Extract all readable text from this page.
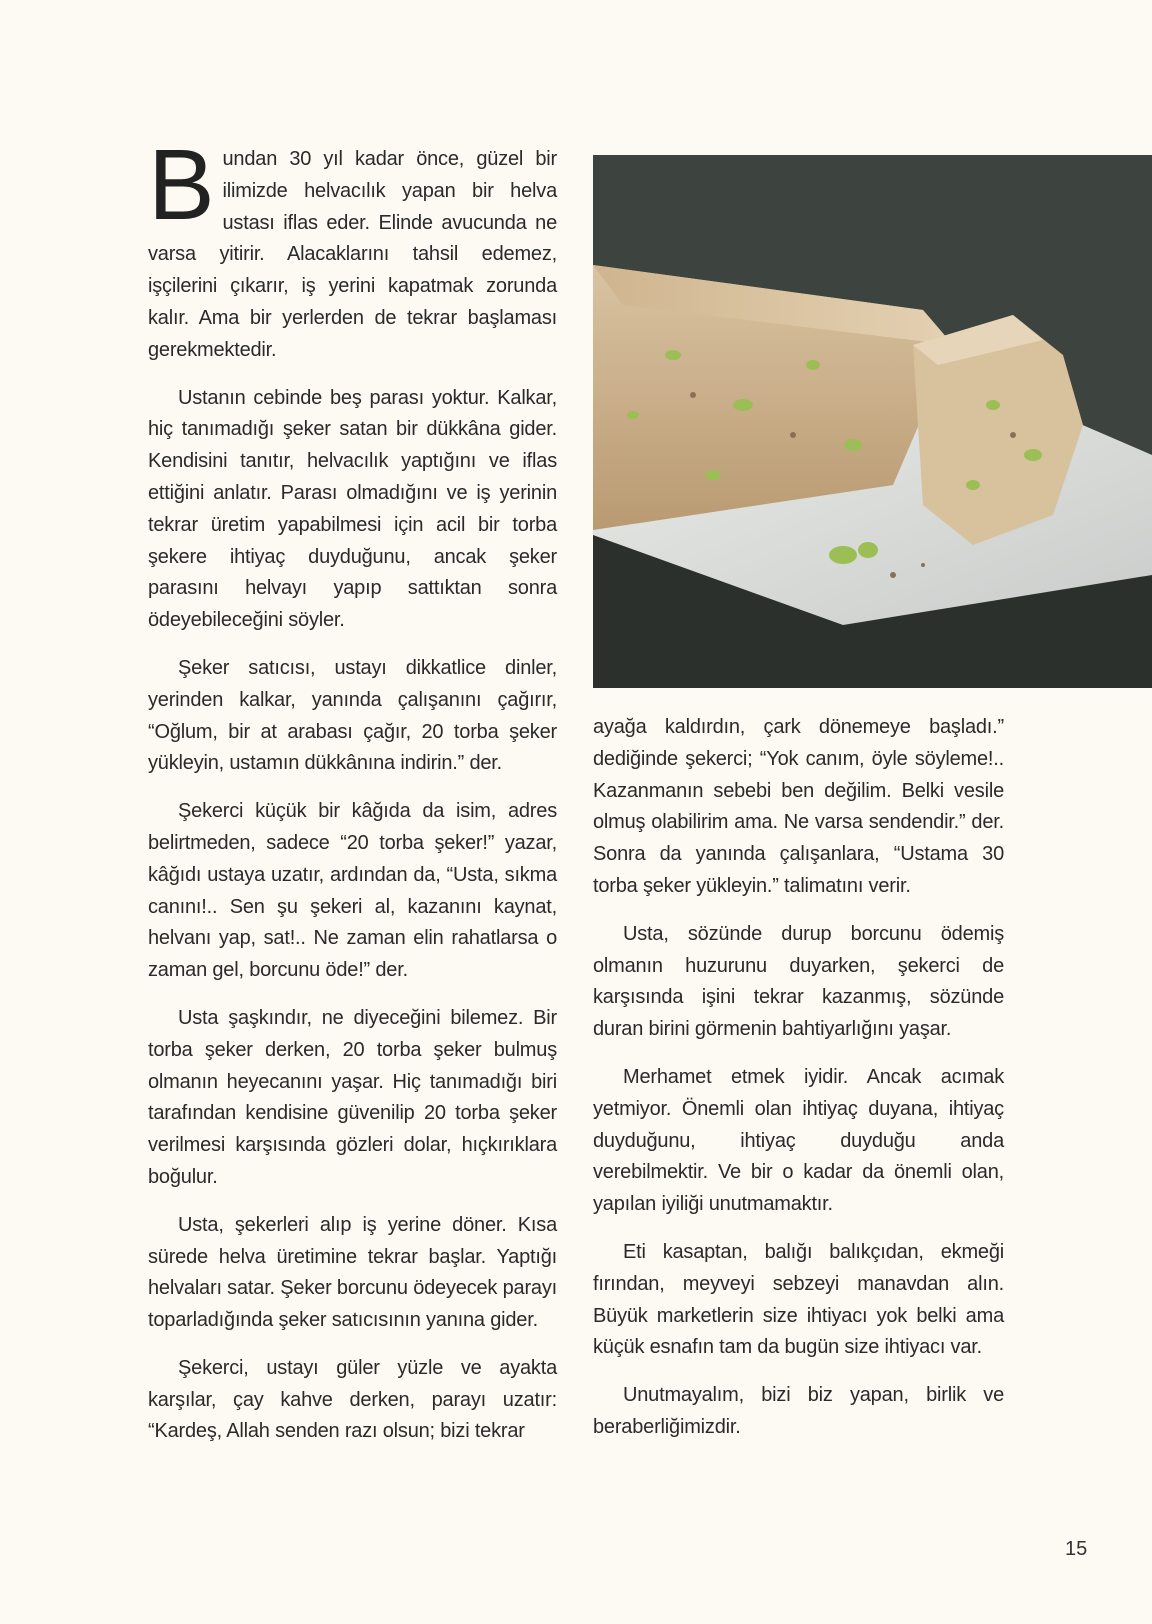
Bundan 30 yıl kadar önce, güzel bir ilimizde helvacılık yapan bir helva ustası iflas eder. Elinde avucunda ne varsa yitirir. Alacaklarını tahsil edemez, işçilerini çıkarır, iş yerini kapatmak zorunda kalır. Ama bir yerlerden de tekrar başlaması gerekmektedir.

Ustanın cebinde beş parası yoktur. Kalkar, hiç tanımadığı şeker satan bir dükkâna gider. Kendisini tanıtır, helvacılık yaptığını ve iflas ettiğini anlatır. Parası olmadığını ve iş yerinin tekrar üretim yapabilmesi için acil bir torba şekere ihtiyaç duyduğunu, ancak şeker parasını helvayı yapıp sattıktan sonra ödeyebileceğini söyler.

Şeker satıcısı, ustayı dikkatlice dinler, yerinden kalkar, yanında çalışanını çağırır, “Oğlum, bir at arabası çağır, 20 torba şeker yükleyin, ustamın dükkânına indirin.” der.

Şekerci küçük bir kâğıda da isim, adres belirtmeden, sadece “20 torba şeker!” yazar, kâğıdı ustaya uzatır, ardından da, “Usta, sıkma canını!.. Sen şu şekeri al, kazanını kaynat, helvanı yap, sat!.. Ne zaman elin rahatlarsa o zaman gel, borcunu öde!” der.

Usta şaşkındır, ne diyeceğini bilemez. Bir torba şeker derken, 20 torba şeker bulmuş olmanın heyecanını yaşar. Hiç tanımadığı biri tarafından kendisine güvenilip 20 torba şeker verilmesi karşısında gözleri dolar, hıçkırıklara boğulur.

Usta, şekerleri alıp iş yerine döner. Kısa sürede helva üretimine tekrar başlar. Yaptığı helvaları satar. Şeker borcunu ödeyecek parayı toparladığında şeker satıcısının yanına gider.

Şekerci, ustayı güler yüzle ve ayakta karşılar, çay kahve derken, parayı uzatır: “Kardeş, Allah senden razı olsun; bizi tekrar

ayağa kaldırdın, çark dönemeye başladı.” dediğinde şekerci; “Yok canım, öyle söyleme!.. Kazanmanın sebebi ben değilim. Belki vesile olmuş olabilirim ama. Ne varsa sendendir.” der. Sonra da yanında çalışanlara, “Ustama 30 torba şeker yükleyin.” talimatını verir.

Usta, sözünde durup borcunu ödemiş olmanın huzurunu duyarken, şekerci de karşısında işini tekrar kazanmış, sözünde duran birini görmenin bahtiyarlığını yaşar.

Merhamet etmek iyidir. Ancak acımak yetmiyor. Önemli olan ihtiyaç duyana, ihtiyaç duyduğunu, ihtiyaç duyduğu anda verebilmektir. Ve bir o kadar da önemli olan, yapılan iyiliği unutmamaktır.

Eti kasaptan, balığı balıkçıdan, ekmeği fırından, meyveyi sebzeyi manavdan alın. Büyük marketlerin size ihtiyacı yok belki ama küçük esnafın tam da bugün size ihtiyacı var.

Unutmayalım, bizi biz yapan, birlik ve beraberliğimizdir.

15
